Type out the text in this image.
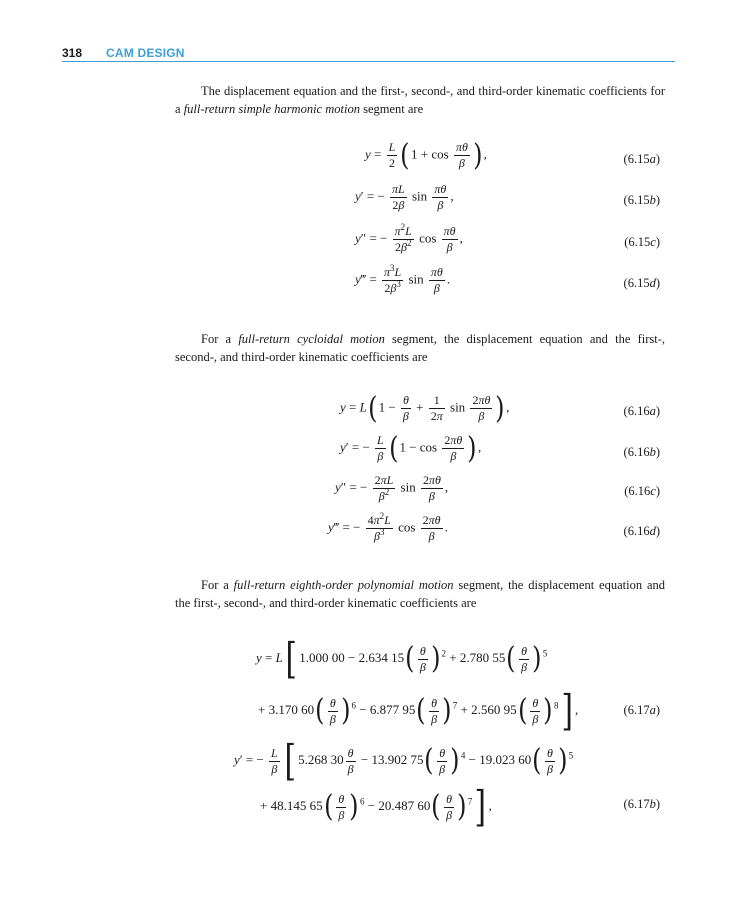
318 CAM DESIGN
The displacement equation and the first-, second-, and third-order kinematic coefficients for a full-return simple harmonic motion segment are
$y = \frac{L}{2} (1 + \cos \frac{\pi\theta}{\beta}$ ),	(6.15a)
y′ = − $\frac{\pi L}{2\beta}$ $\sin \frac{\pi\theta}{\beta}$ ,	(6.15b)
y″ = − $\frac{\pi^2L}{2\beta^2}$ $\cos \frac{\pi\theta}{\beta}$ ,	(6.15c)
y‴ = $\frac{\pi^3L}{2\beta^3}$ $\sin \frac{\pi\theta}{\beta}$ .	(6.15d)
For a full-return cycloidal motion segment, the displacement equation and the first-, second-, and third-order kinematic coefficients are
$y = L(1 - \frac{\theta}{\beta} + \frac{1}{2\pi}$ $\sin \frac{2\pi\theta}{\beta}$ ),	(6.16a)
y′ = − $\frac{L}{\beta} (1 - \cos \frac{2\pi\theta}{\beta}$ ),	(6.16b)
y″ = − $\frac{2\pi L}{\beta^2}$ $\sin \frac{2\pi\theta}{\beta}$ ,	(6.16c)
y‴ = − $\frac{4\pi^2L}{\beta^3}$ $\cos \frac{2\pi\theta}{\beta}$ .	(6.16d)
For a full-return eighth-order polynomial motion segment, the displacement equation and the first-, second-, and third-order kinematic coefficients are
y = L[ 1.000 00 − 2.634 $15( \frac{\theta}{\beta} )^2 + 2.780$ $55( \frac{\theta}{\beta} )^5$
+ 3.170 $60( \frac{\theta}{\beta} )^6 - 6.877$ $95( \frac{\theta}{\beta} )^7 + 2.560$ $95( \frac{\theta}{\beta} )^8$] ,	(6.17a)
y′ = − $\frac{L}{\beta}$ [ 5.268 $30 \frac{\theta}{\beta} - 13.902$ $75( \frac{\theta}{\beta} )^4 - 19.023$ $60( \frac{\theta}{\beta} )^5$
+ 48.145 $65( \frac{\theta}{\beta} )^6 - 20.487$ $60( \frac{\theta}{\beta} )^7$] ,	(6.17b)
